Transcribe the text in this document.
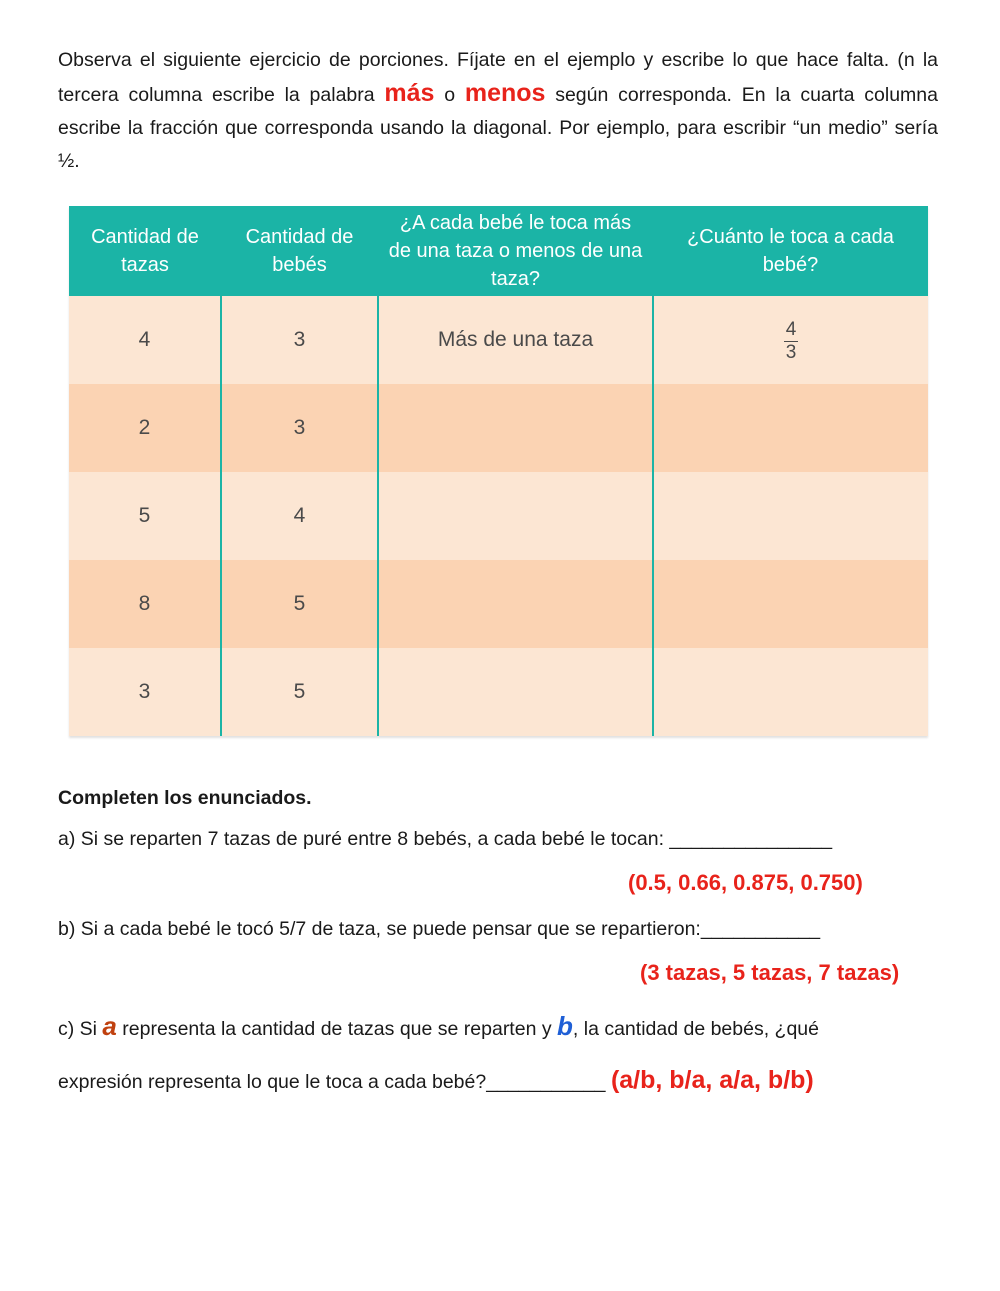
Observa el siguiente ejercicio de porciones. Fíjate en el ejemplo y escribe lo que hace falta. (n la tercera columna escribe la palabra más o menos según corresponda. En la cuarta columna escribe la fracción que corresponda usando la diagonal. Por ejemplo, para escribir “un medio” sería ½.
Cantidad de tazas	Cantidad de bebés	¿A cada bebé le toca más de una taza o menos de una taza?	¿Cuánto le toca a cada bebé?
4	3	Más de una taza	$\frac{4}{3}$

2	3		
5	4		
8	5		
3	5		
Completen los enunciados.
a) Si se reparten 7 tazas de puré entre 8 bebés, a cada bebé le tocan: _______________
(0.5, 0.66, 0.875, 0.750)
b) Si a cada bebé le tocó 5/7 de taza, se puede pensar que se repartieron:___________
(3 tazas, 5 tazas, 7 tazas)
c) Si a representa la cantidad de tazas que se reparten y b, la cantidad de bebés, ¿qué
expresión representa lo que le toca a cada bebé?___________ (a/b, b/a, a/a, b/b)
